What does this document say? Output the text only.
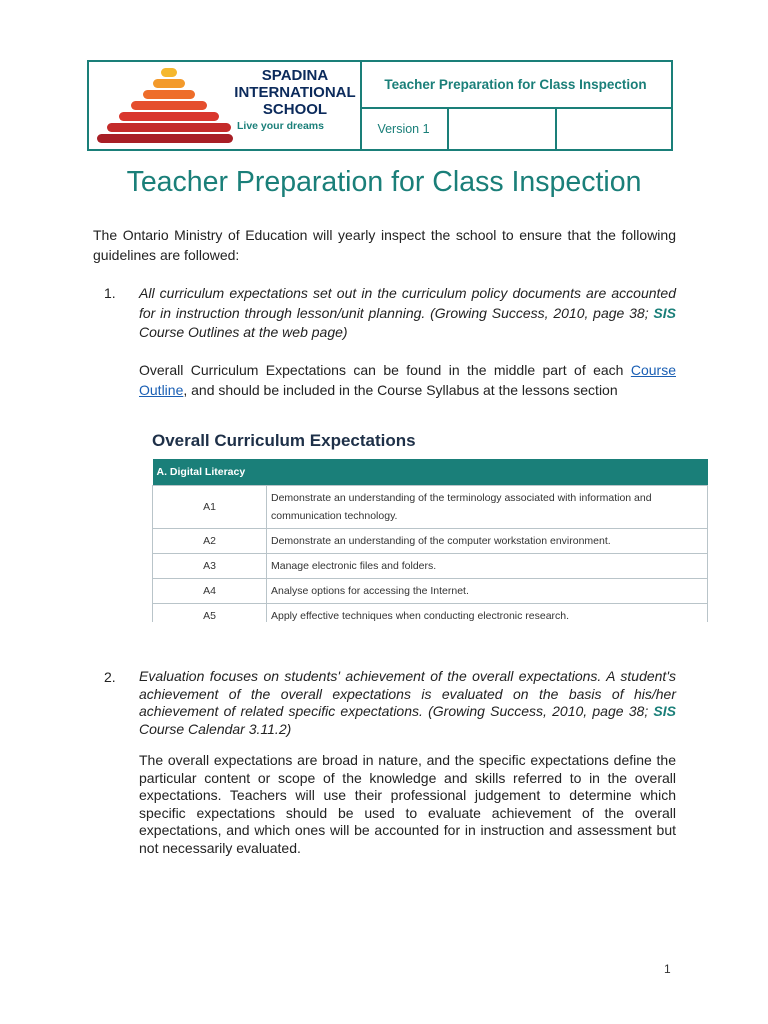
SPADINA
INTERNATIONAL
SCHOOL
Live your dreams
Teacher Preparation for Class Inspection
Version 1
Teacher Preparation for Class Inspection

The Ontario Ministry of Education will yearly inspect the school to ensure that the following guidelines are followed:

1. All curriculum expectations set out in the curriculum policy documents are accounted for in instruction through lesson/unit planning. (Growing Success, 2010, page 38; SIS Course Outlines at the web page)

Overall Curriculum Expectations can be found in the middle part of each Course Outline, and should be included in the Course Syllabus at the lessons section

Overall Curriculum Expectations
A. Digital Literacy	
A1	Demonstrate an understanding of the terminology associated with information and communication technology.
A2	Demonstrate an understanding of the computer workstation environment.
A3	Manage electronic files and folders.
A4	Analyse options for accessing the Internet.
A5	Apply effective techniques when conducting electronic research.
2. Evaluation focuses on students' achievement of the overall expectations. A student's achievement of the overall expectations is evaluated on the basis of his/her achievement of related specific expectations. (Growing Success, 2010, page 38; SIS Course Calendar 3.11.2)

The overall expectations are broad in nature, and the specific expectations define the particular content or scope of the knowledge and skills referred to in the overall expectations. Teachers will use their professional judgement to determine which specific expectations should be used to evaluate achievement of the overall expectations, and which ones will be accounted for in instruction and assessment but not necessarily evaluated.

1
